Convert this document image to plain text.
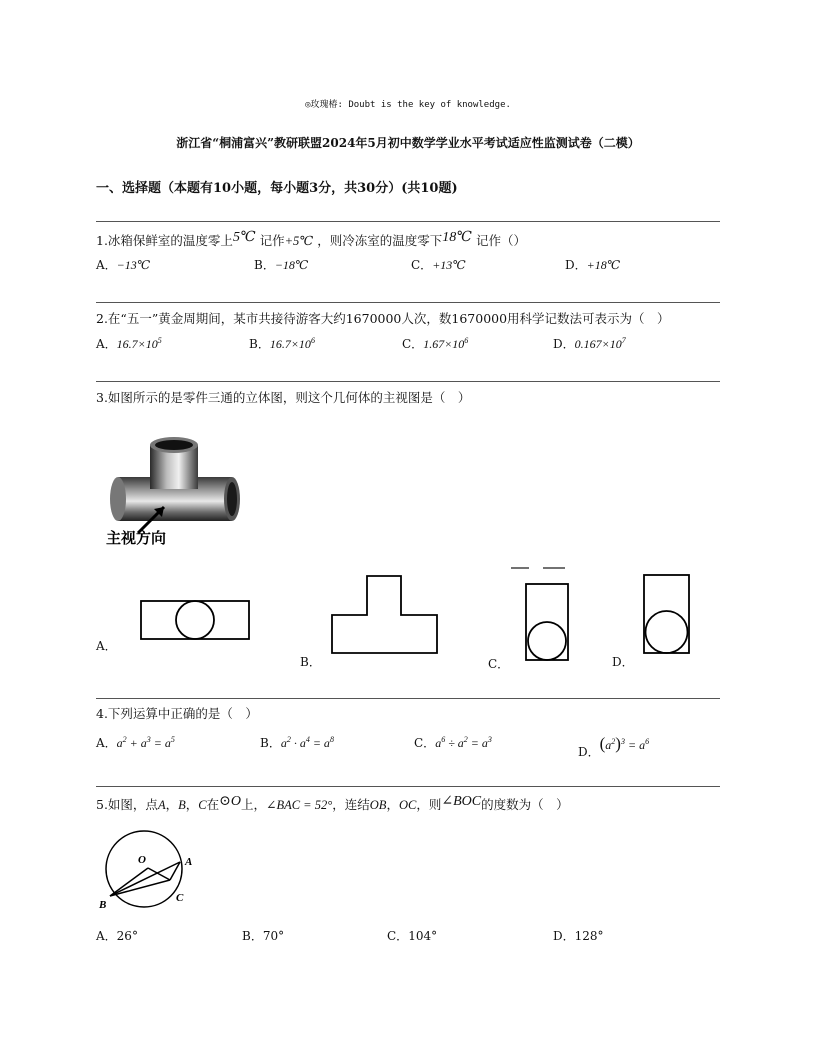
◎玫瑰椿: Doubt is the key of knowledge.
浙江省“桐浦富兴”教研联盟2024年5月初中数学学业水平考试适应性监测试卷（二模）
一、选择题（本题有10小题，每小题3分，共30分）(共10题)
1.冰箱保鲜室的温度零上5℃ 记作+5℃ ，则冷冻室的温度零下18℃ 记作（）
A．−13℃	B．−18℃	C．+13℃	D．+18℃
2.在“五一”黄金周期间，某市共接待游客大约1670000人次，数1670000用科学记数法可表示为（　）
A．$16.7\times 10^5$	B．$16.7\times 10^6$	C．$1.67\times 10^6$	D．$0.167\times 10^7$
3.如图所示的是零件三通的立体图，则这个几何体的主视图是（　）
主视方向
A．
B．	C．	D．
4.下列运算中正确的是（　）
A．$a^2 + a^3 = a^5$	B．$a^2 \cdot a^4 = a^8$	C．$a^6 \div a^2 = a^3$
D．$(a^2)^3 = a^6$
5.如图，点A，B，C在⊙O上，∠BAC = 52°，连结OB，OC，则∠BOC的度数为（　）
O	A
B
C
A．26°	B．70°	C．104°	D．128°
